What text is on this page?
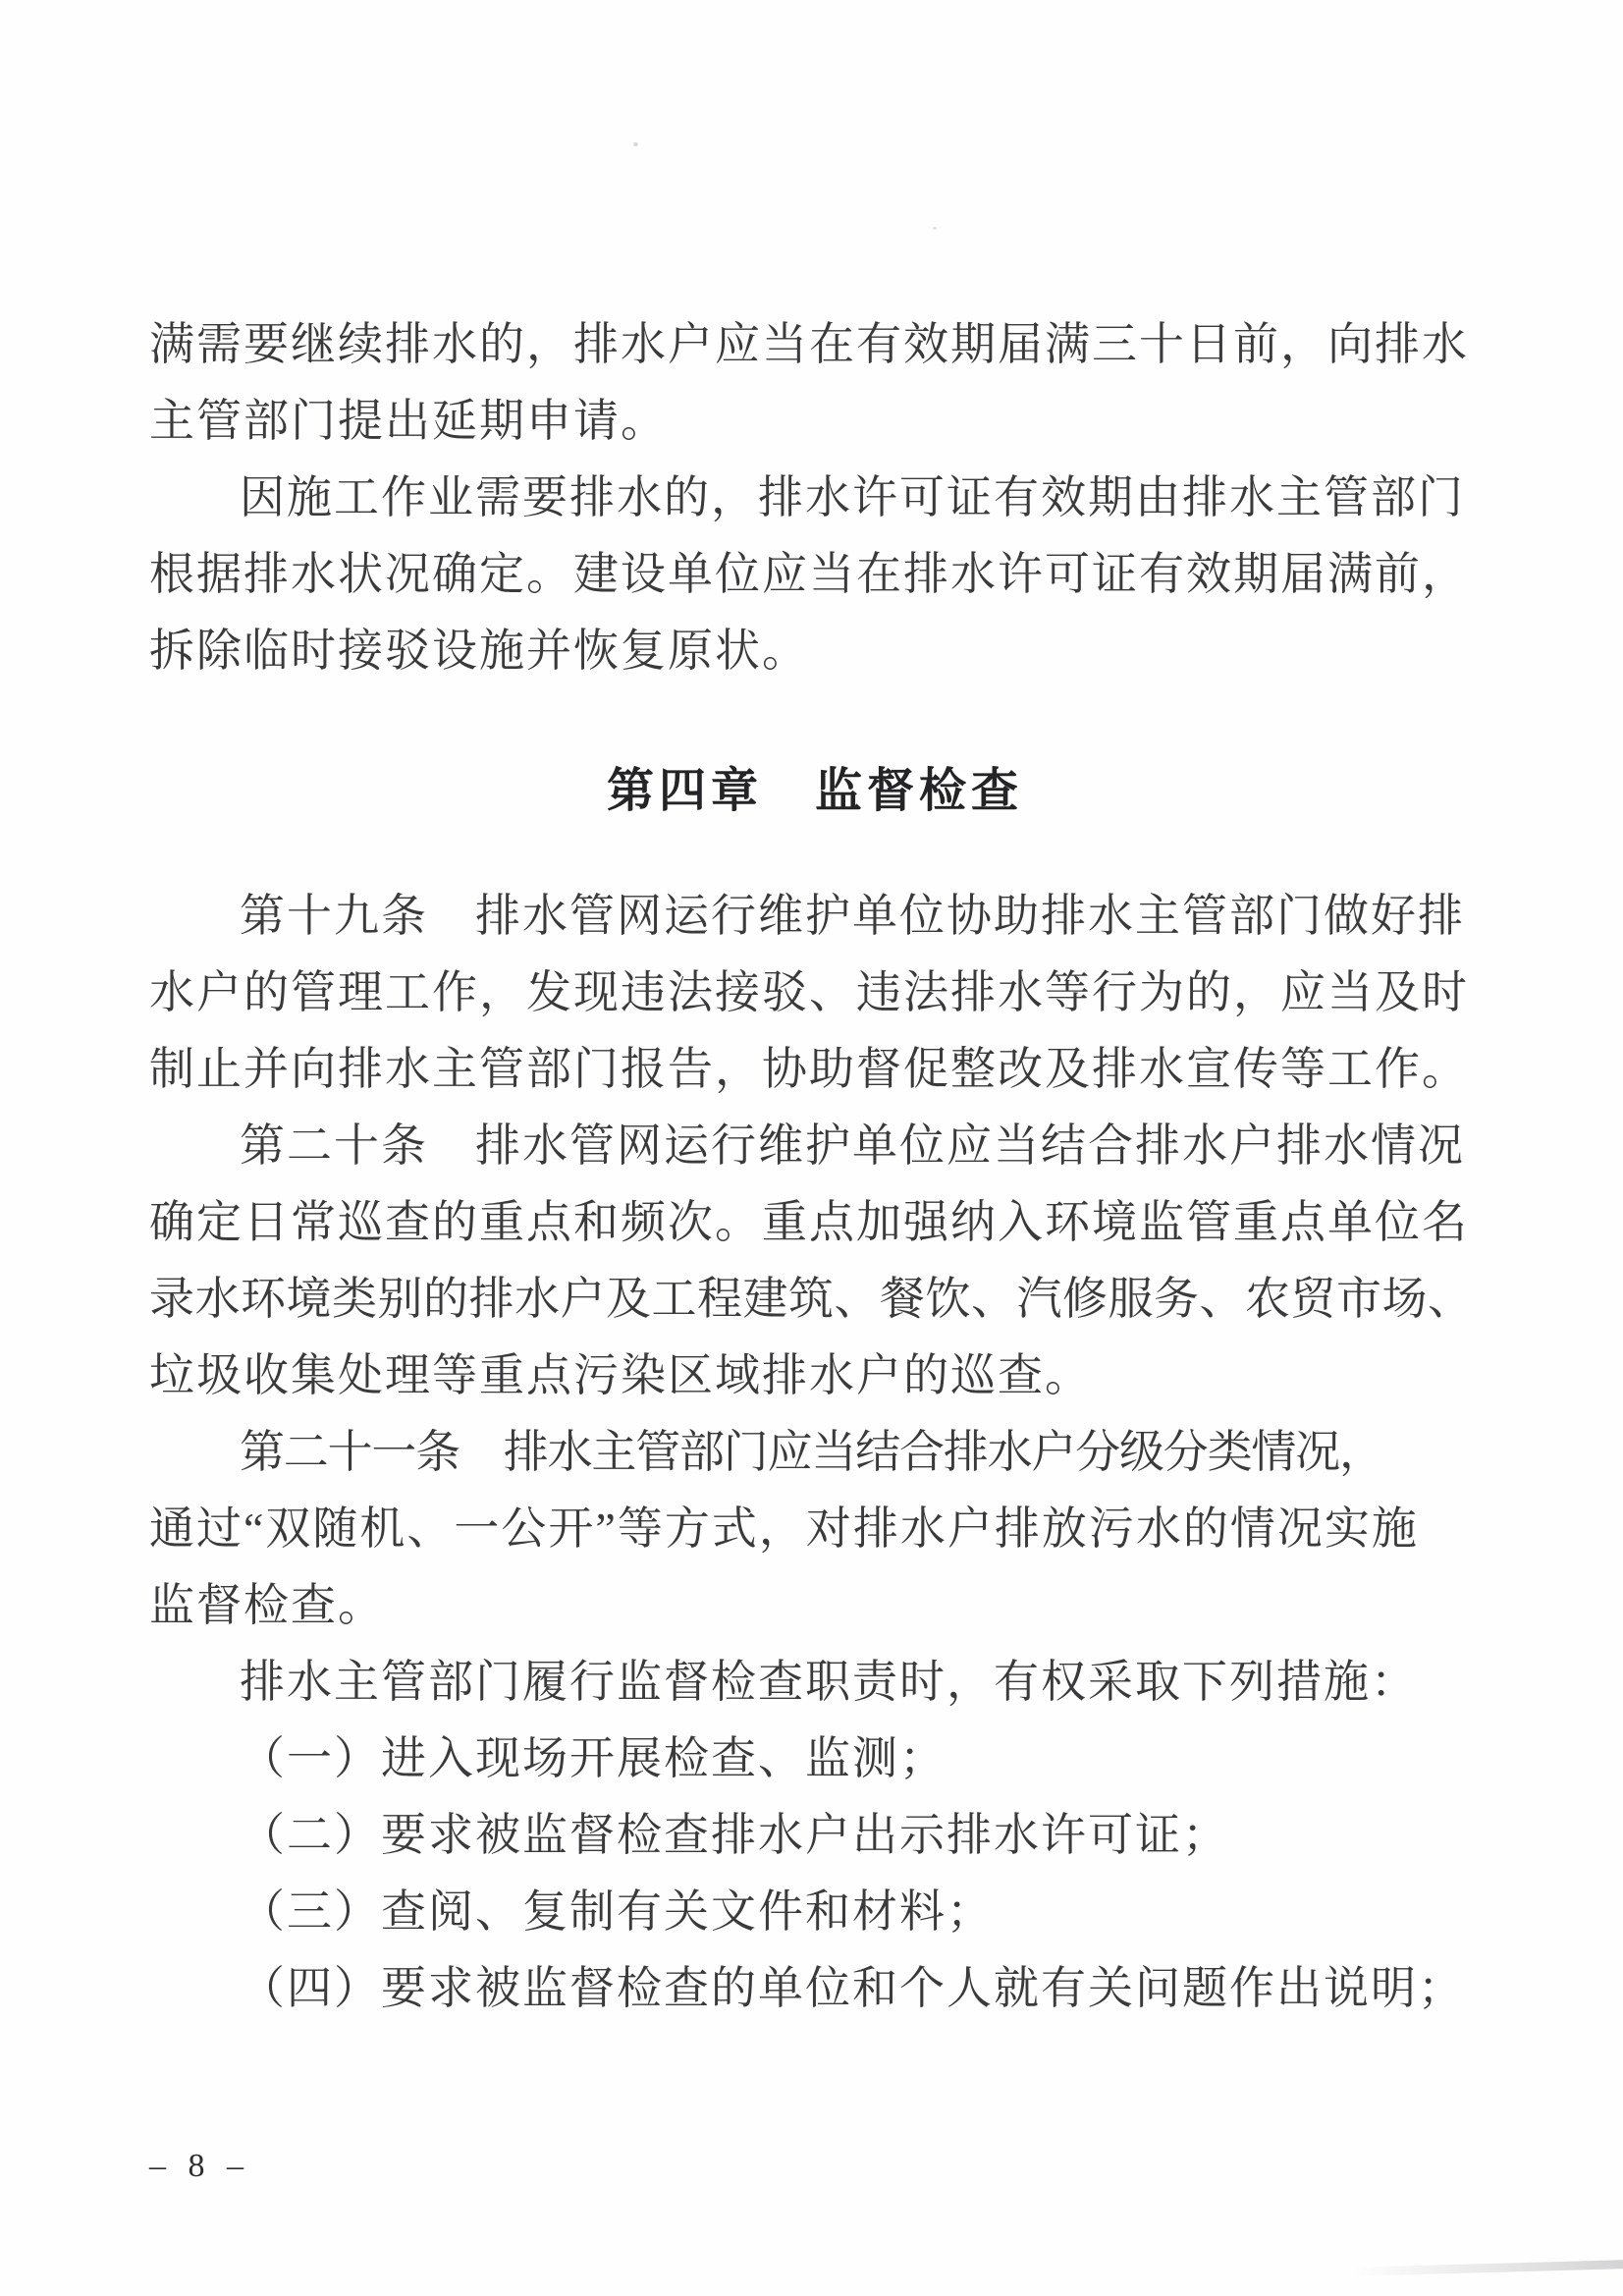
满需要继续排水的，排水户应当在有效期届满三十日前，向排水
主管部门提出延期申请。

因施工作业需要排水的，排水许可证有效期由排水主管部门
根据排水状况确定。建设单位应当在排水许可证有效期届满前，
拆除临时接驳设施并恢复原状。

第四章　监督检查

第十九条　排水管网运行维护单位协助排水主管部门做好排
水户的管理工作，发现违法接驳、违法排水等行为的，应当及时
制止并向排水主管部门报告，协助督促整改及排水宣传等工作。

第二十条　排水管网运行维护单位应当结合排水户排水情况
确定日常巡查的重点和频次。重点加强纳入环境监管重点单位名
录水环境类别的排水户及工程建筑、餐饮、汽修服务、农贸市场、
垃圾收集处理等重点污染区域排水户的巡查。

第二十一条　排水主管部门应当结合排水户分级分类情况，
通过“双随机、一公开”等方式，对排水户排放污水的情况实施
监督检查。

排水主管部门履行监督检查职责时，有权采取下列措施：

（一）进入现场开展检查、监测；

（二）要求被监督检查排水户出示排水许可证；

（三）查阅、复制有关文件和材料；

（四）要求被监督检查的单位和个人就有关问题作出说明；

– 8 –
